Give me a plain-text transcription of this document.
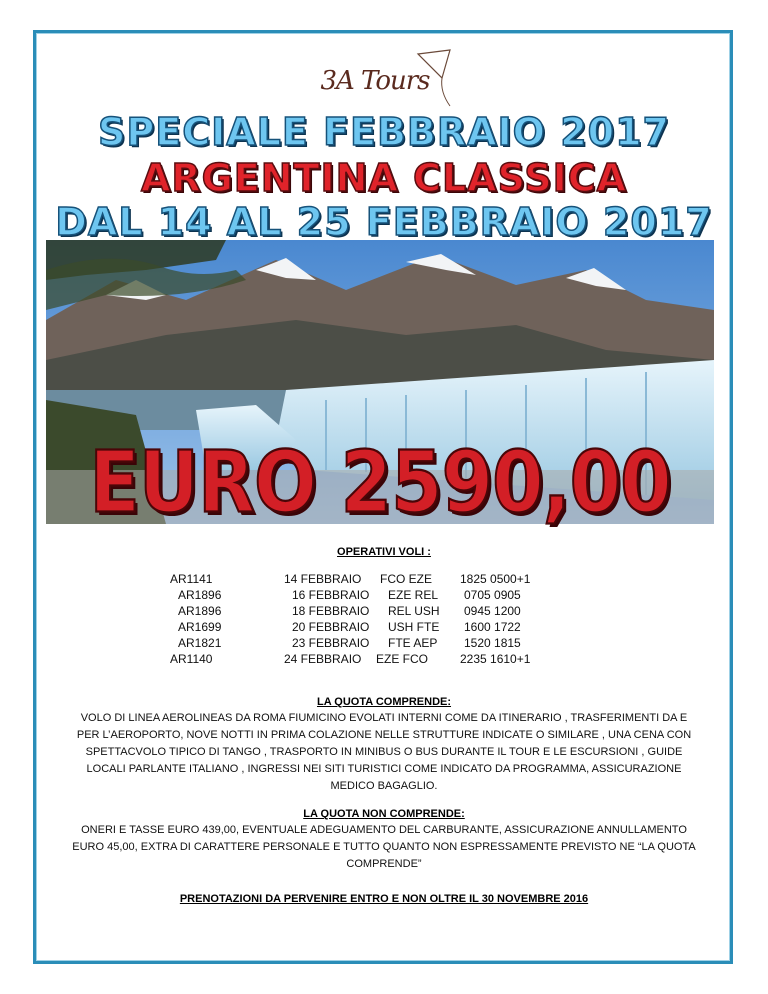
3A Tours
SPECIALE FEBBRAIO 2017
ARGENTINA CLASSICA
DAL 14 AL 25 FEBBRAIO 2017
EURO 2590,00
OPERATIVI VOLI :
AR1141	14 FEBBRAIO	FCO EZE	1825 0500+1
AR1896	16 FEBBRAIO	EZE REL	0705 0905
AR1896	18 FEBBRAIO	REL USH	0945 1200
AR1699	20 FEBBRAIO	USH FTE	1600 1722
AR1821	23 FEBBRAIO	FTE AEP	1520 1815
AR1140	24 FEBBRAIO	EZE FCO	2235 1610+1
LA QUOTA COMPRENDE:
VOLO DI LINEA AEROLINEAS DA ROMA FIUMICINO EVOLATI INTERNI COME DA ITINERARIO , TRASFERIMENTI DA E PER L’AEROPORTO, NOVE NOTTI IN PRIMA COLAZIONE NELLE STRUTTURE INDICATE O SIMILARE , UNA CENA CON SPETTACVOLO TIPICO DI TANGO , TRASPORTO IN MINIBUS O BUS DURANTE IL TOUR E LE ESCURSIONI , GUIDE LOCALI PARLANTE ITALIANO , INGRESSI NEI SITI TURISTICI COME INDICATO DA PROGRAMMA, ASSICURAZIONE MEDICO BAGAGLIO.
LA QUOTA NON COMPRENDE:
ONERI E TASSE EURO 439,00, EVENTUALE ADEGUAMENTO DEL CARBURANTE, ASSICURAZIONE ANNULLAMENTO EURO 45,00, EXTRA DI CARATTERE PERSONALE E TUTTO QUANTO NON ESPRESSAMENTE PREVISTO NE “LA QUOTA COMPRENDE”
PRENOTAZIONI DA PERVENIRE ENTRO E NON OLTRE IL 30 NOVEMBRE 2016
